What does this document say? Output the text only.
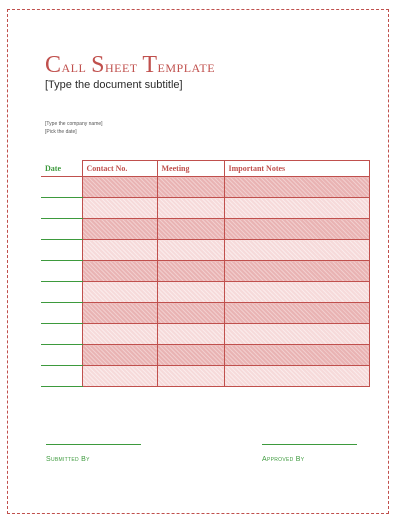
Call Sheet Template

[Type the document subtitle]

[Type the company name]

[Pick the date]

Date	Contact No.	Meeting	Important Notes

Submitted By	Approved By
